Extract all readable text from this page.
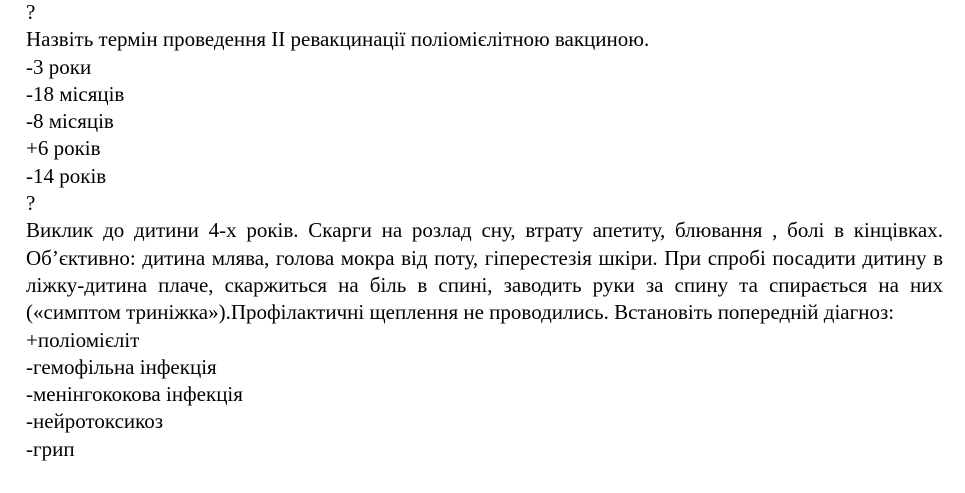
?
Назвіть термін проведення ІІ ревакцинації поліомієлітною вакциною.
-3 роки
-18 місяців
-8 місяців
+6 років
-14 років
?
Виклик до дитини 4-х років. Скарги на розлад сну, втрату апетиту, блювання , болі в кінцівках. Об’єктивно: дитина млява, голова мокра від поту, гіперестезія шкіри. При спробі посадити дитину в ліжку-дитина плаче, скаржиться на біль в спині, заводить руки за спину та спирається на них («симптом триніжка»).Профілактичні щеплення не проводились. Встановіть попередній діагноз:
+поліомієліт
-гемофільна інфекція
-менінгококова інфекція
-нейротоксикоз
-грип
